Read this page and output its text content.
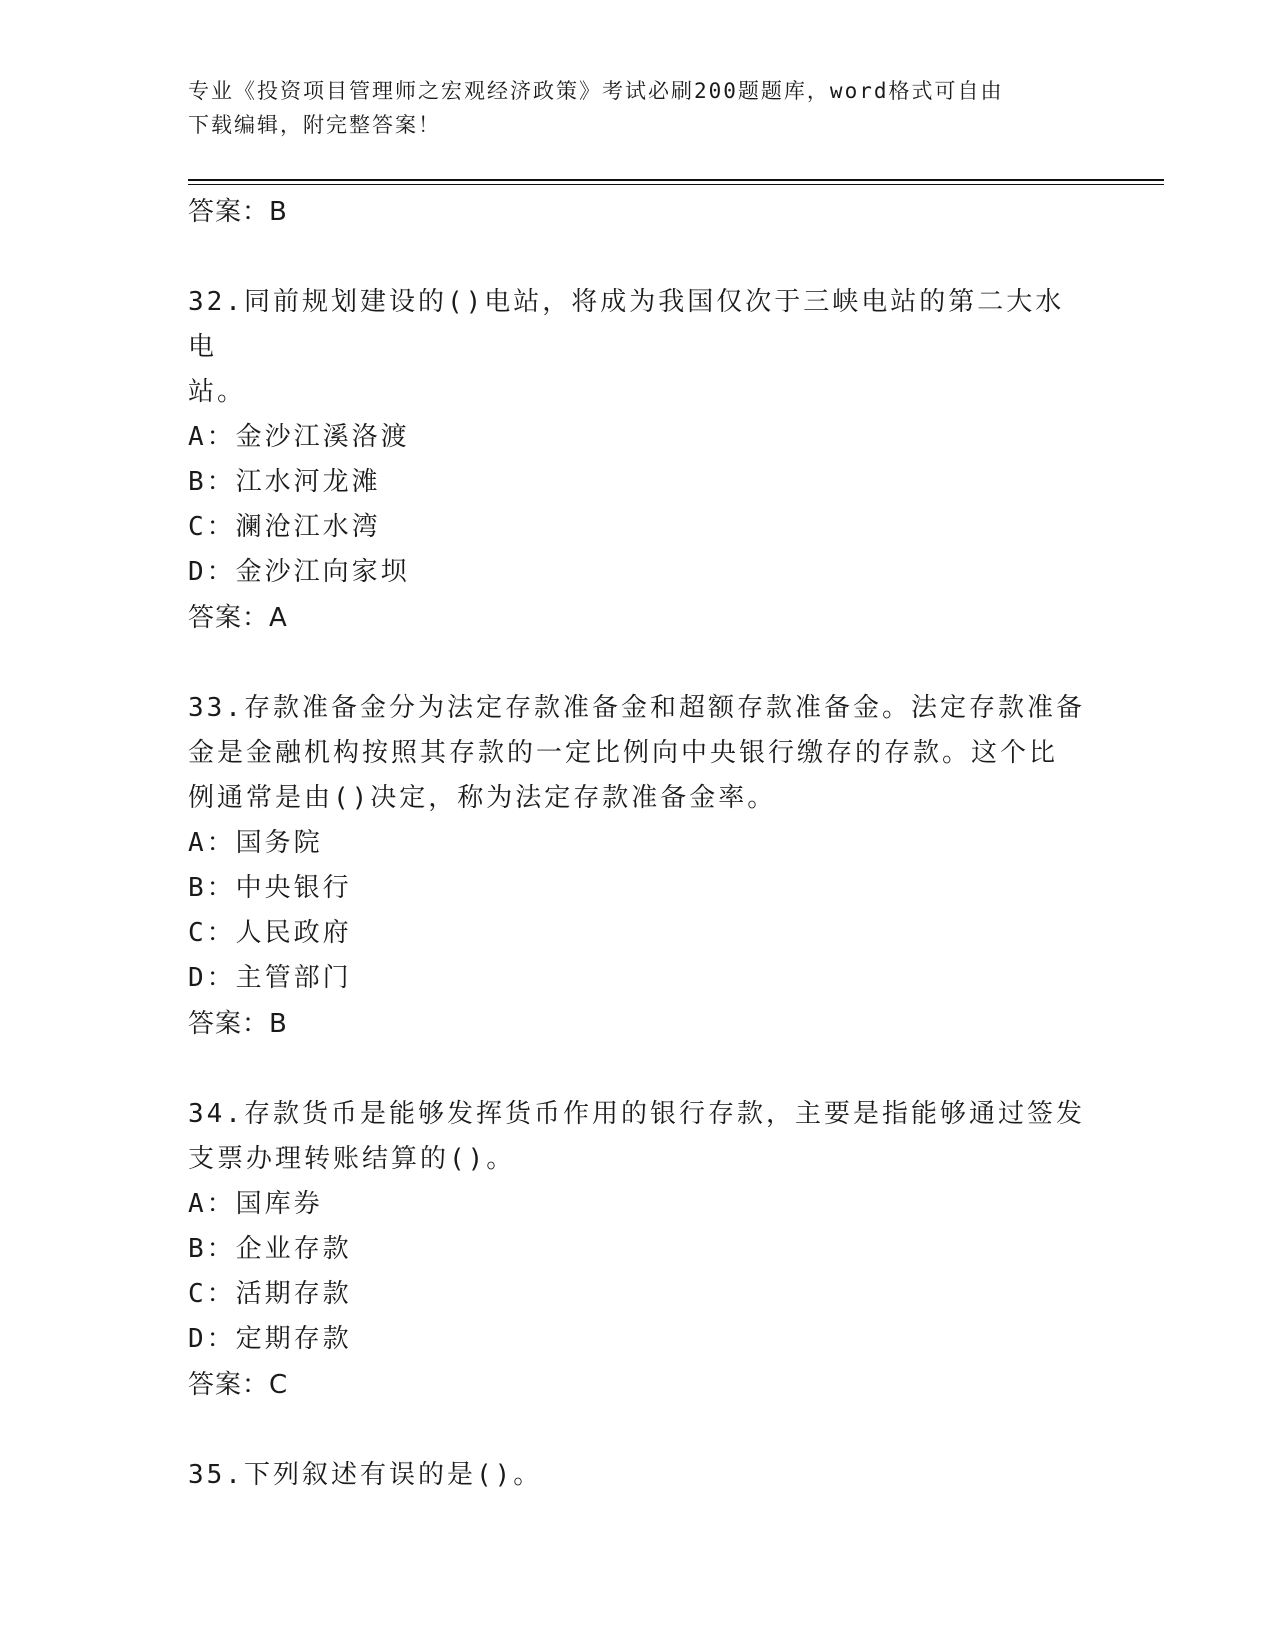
专业《投资项目管理师之宏观经济政策》考试必刷200题题库，word格式可自由
下载编辑，附完整答案！

答案：B

32.同前规划建设的()电站，将成为我国仅次于三峡电站的第二大水电

站。

A：金沙江溪洛渡

B：江水河龙滩

C：澜沧江水湾

D：金沙江向家坝

答案：A

33.存款准备金分为法定存款准备金和超额存款准备金。法定存款准备

金是金融机构按照其存款的一定比例向中央银行缴存的存款。这个比

例通常是由()决定，称为法定存款准备金率。

A：国务院

B：中央银行

C：人民政府

D：主管部门

答案：B

34.存款货币是能够发挥货币作用的银行存款，主要是指能够通过签发

支票办理转账结算的()。

A：国库券

B：企业存款

C：活期存款

D：定期存款

答案：C

35.下列叙述有误的是()。
